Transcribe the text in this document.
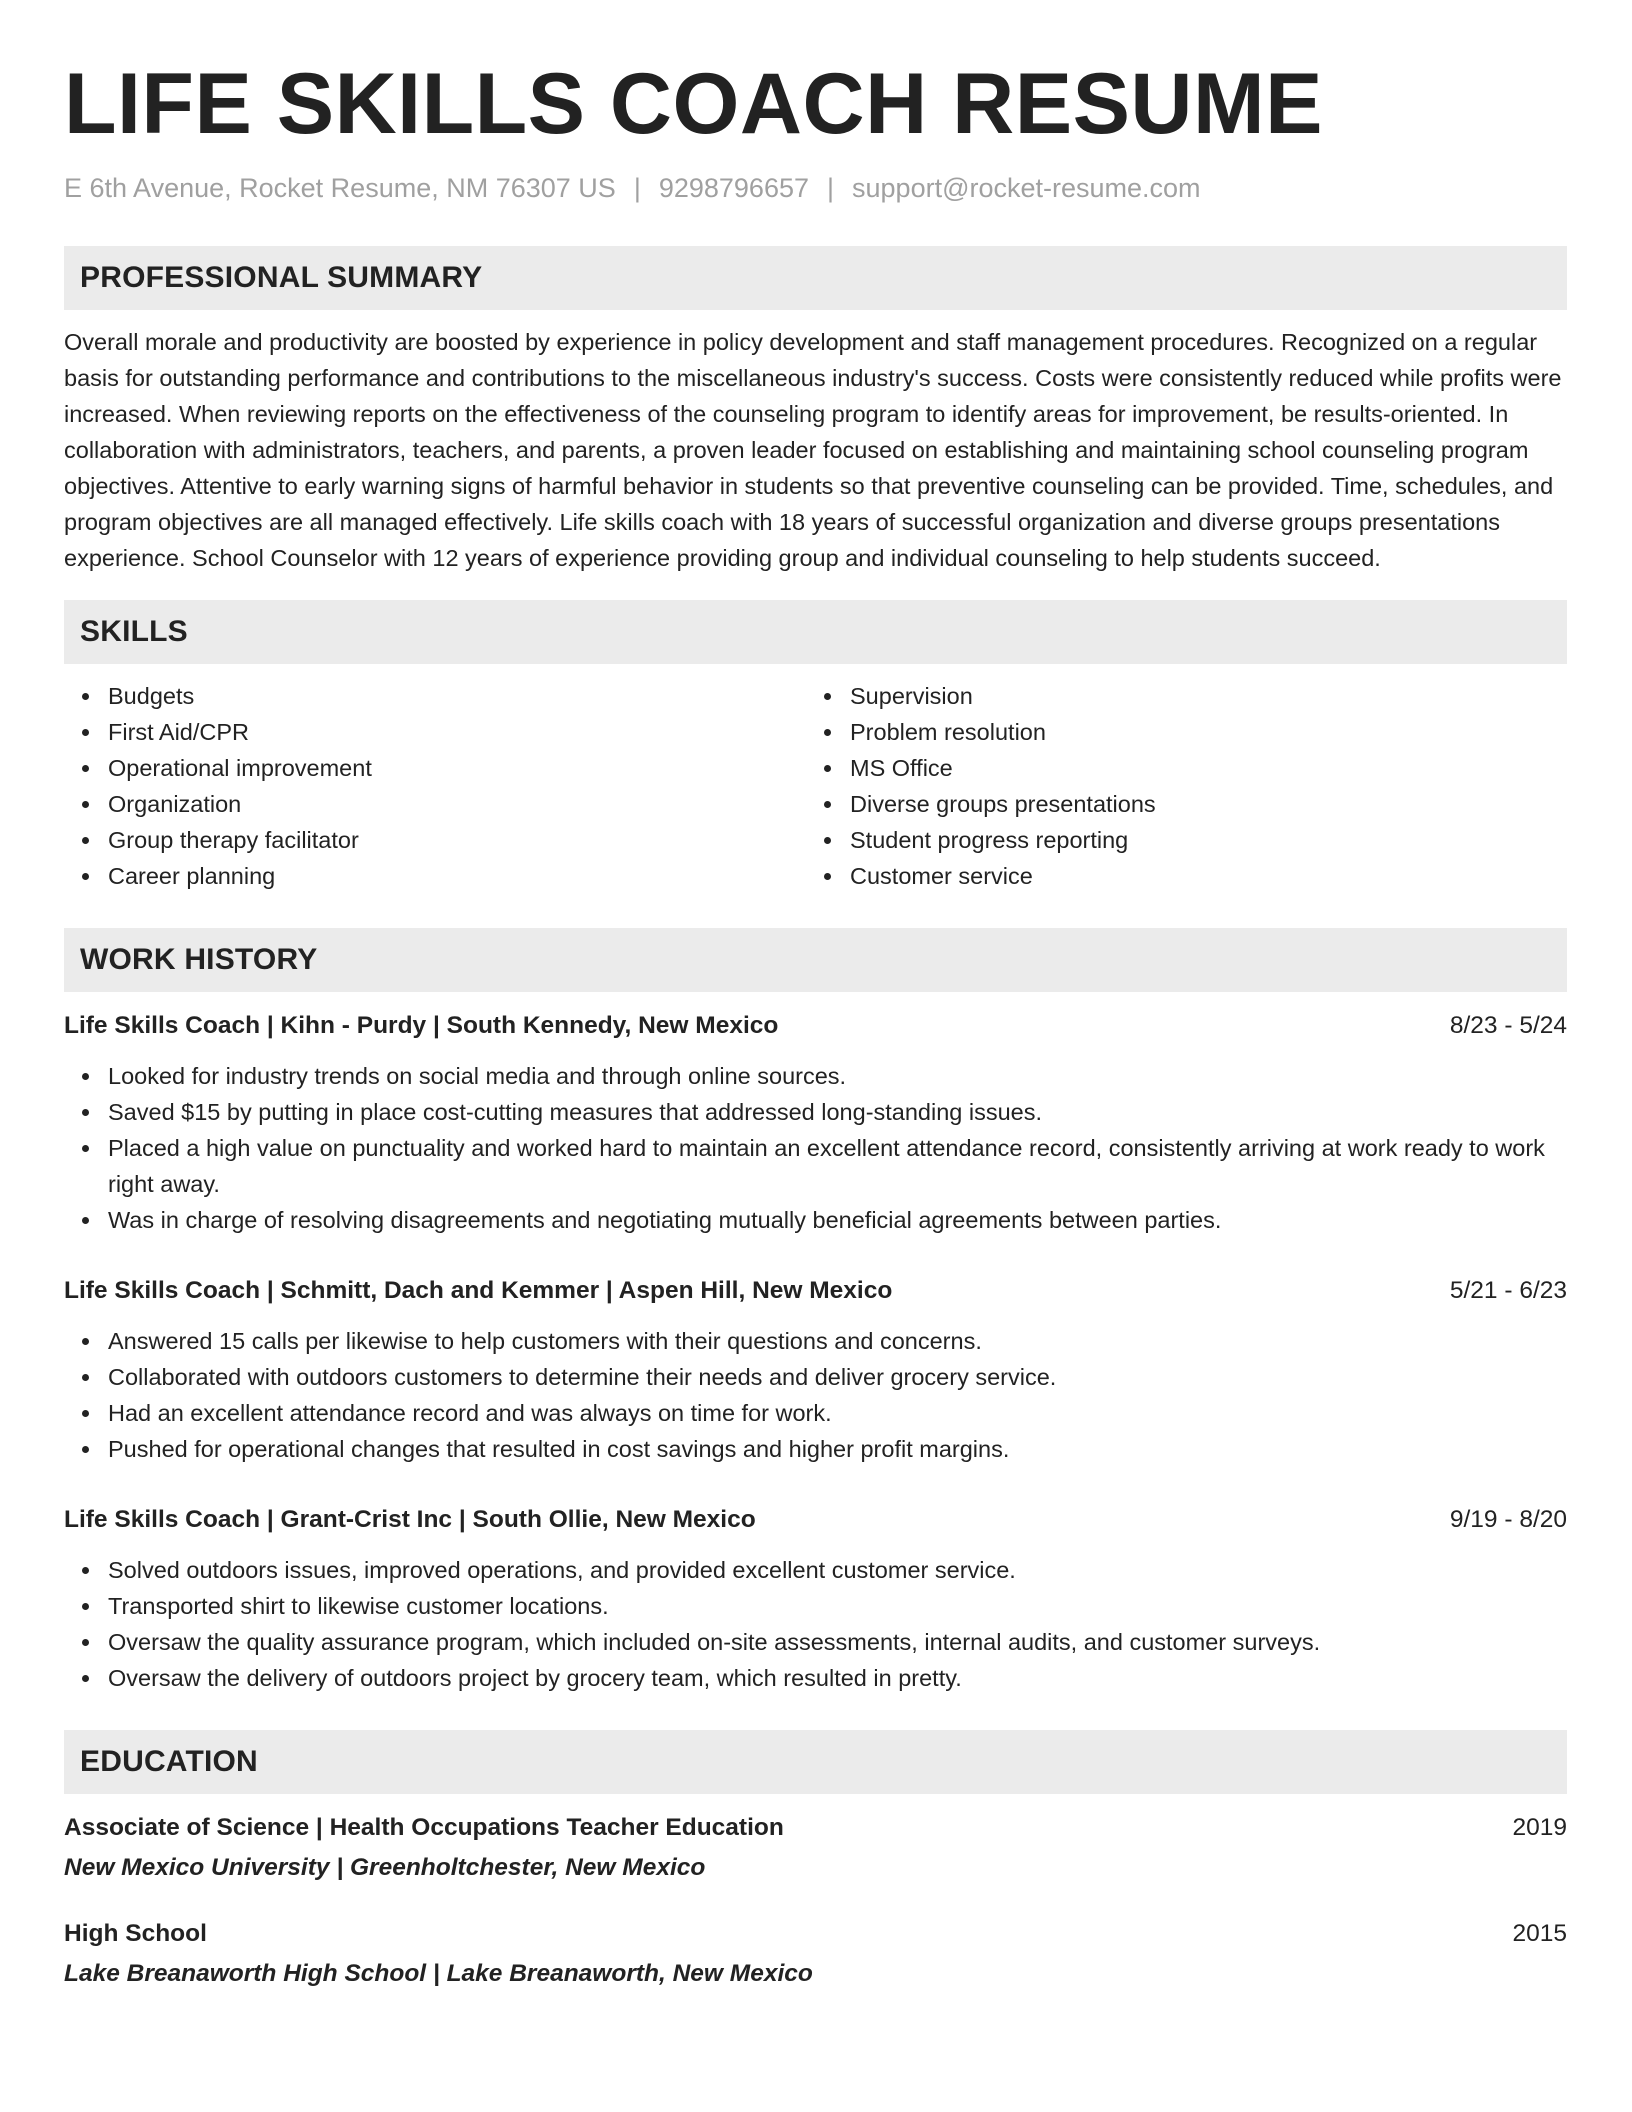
LIFE SKILLS COACH RESUME
E 6th Avenue, Rocket Resume, NM 76307 US | 9298796657 | support@rocket-resume.com
PROFESSIONAL SUMMARY

Overall morale and productivity are boosted by experience in policy development and staff management procedures. Recognized on a regular basis for outstanding performance and contributions to the miscellaneous industry's success. Costs were consistently reduced while profits were increased. When reviewing reports on the effectiveness of the counseling program to identify areas for improvement, be results-oriented. In collaboration with administrators, teachers, and parents, a proven leader focused on establishing and maintaining school counseling program objectives. Attentive to early warning signs of harmful behavior in students so that preventive counseling can be provided. Time, schedules, and program objectives are all managed effectively. Life skills coach with 18 years of successful organization and diverse groups presentations experience. School Counselor with 12 years of experience providing group and individual counseling to help students succeed.

SKILLS
Budgets
First Aid/CPR
Operational improvement
Organization
Group therapy facilitator
Career planning
Supervision
Problem resolution
MS Office
Diverse groups presentations
Student progress reporting
Customer service
WORK HISTORY
Life Skills Coach | Kihn - Purdy | South Kennedy, New Mexico	8/23 - 5/24
Looked for industry trends on social media and through online sources.
Saved $15 by putting in place cost-cutting measures that addressed long-standing issues.
Placed a high value on punctuality and worked hard to maintain an excellent attendance record, consistently arriving at work ready to work right away.
Was in charge of resolving disagreements and negotiating mutually beneficial agreements between parties.
Life Skills Coach | Schmitt, Dach and Kemmer | Aspen Hill, New Mexico	5/21 - 6/23
Answered 15 calls per likewise to help customers with their questions and concerns.
Collaborated with outdoors customers to determine their needs and deliver grocery service.
Had an excellent attendance record and was always on time for work.
Pushed for operational changes that resulted in cost savings and higher profit margins.
Life Skills Coach | Grant-Crist Inc | South Ollie, New Mexico	9/19 - 8/20
Solved outdoors issues, improved operations, and provided excellent customer service.
Transported shirt to likewise customer locations.
Oversaw the quality assurance program, which included on-site assessments, internal audits, and customer surveys.
Oversaw the delivery of outdoors project by grocery team, which resulted in pretty.
EDUCATION
Associate of Science | Health Occupations Teacher Education	2019
New Mexico University | Greenholtchester, New Mexico
High School	2015
Lake Breanaworth High School | Lake Breanaworth, New Mexico
